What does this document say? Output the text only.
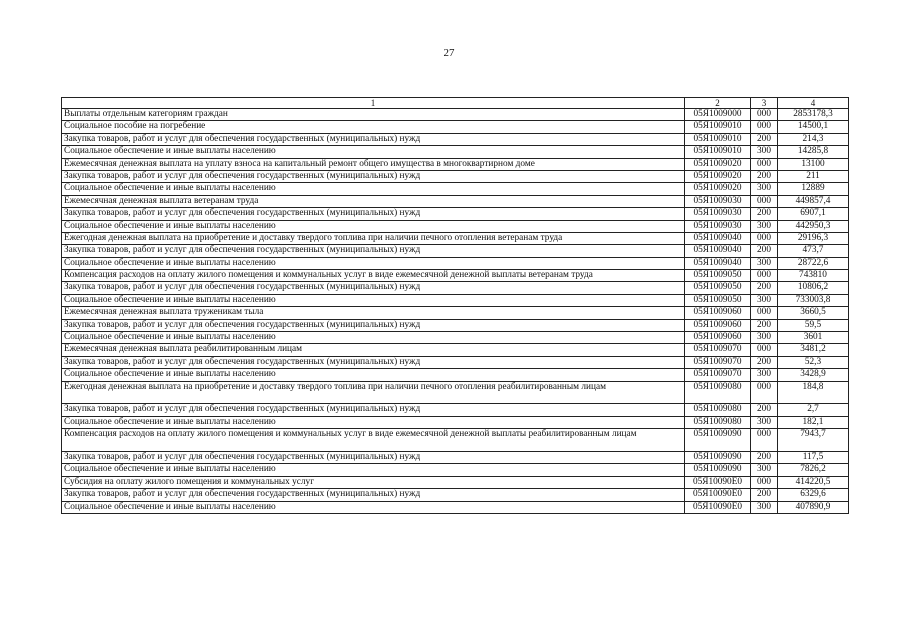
27
1	2	3	4
Выплаты отдельным категориям граждан	05Я1009000	000	2853178,3
Социальное пособие на погребение	05Я1009010	000	14500,1
Закупка товаров, работ и услуг для обеспечения государственных (муниципальных) нужд	05Я1009010	200	214,3
Социальное обеспечение и иные выплаты населению	05Я1009010	300	14285,8
Ежемесячная денежная выплата на уплату взноса на капитальный ремонт общего имущества в многоквартирном доме	05Я1009020	000	13100
Закупка товаров, работ и услуг для обеспечения государственных (муниципальных) нужд	05Я1009020	200	211
Социальное обеспечение и иные выплаты населению	05Я1009020	300	12889
Ежемесячная денежная выплата ветеранам труда	05Я1009030	000	449857,4
Закупка товаров, работ и услуг для обеспечения государственных (муниципальных) нужд	05Я1009030	200	6907,1
Социальное обеспечение и иные выплаты населению	05Я1009030	300	442950,3
Ежегодная денежная выплата на приобретение и доставку твердого топлива при наличии печного отопления ветеранам труда	05Я1009040	000	29196,3
Закупка товаров, работ и услуг для обеспечения государственных (муниципальных) нужд	05Я1009040	200	473,7
Социальное обеспечение и иные выплаты населению	05Я1009040	300	28722,6
Компенсация расходов на оплату жилого помещения и коммунальных услуг в виде ежемесячной денежной выплаты ветеранам труда	05Я1009050	000	743810
Закупка товаров, работ и услуг для обеспечения государственных (муниципальных) нужд	05Я1009050	200	10806,2
Социальное обеспечение и иные выплаты населению	05Я1009050	300	733003,8
Ежемесячная денежная выплата труженикам тыла	05Я1009060	000	3660,5
Закупка товаров, работ и услуг для обеспечения государственных (муниципальных) нужд	05Я1009060	200	59,5
Социальное обеспечение и иные выплаты населению	05Я1009060	300	3601
Ежемесячная денежная выплата реабилитированным лицам	05Я1009070	000	3481,2
Закупка товаров, работ и услуг для обеспечения государственных (муниципальных) нужд	05Я1009070	200	52,3
Социальное обеспечение и иные выплаты населению	05Я1009070	300	3428,9
Ежегодная денежная выплата на приобретение и доставку твердого топлива при наличии печного отопления реабилитированным лицам	05Я1009080	000	184,8
Закупка товаров, работ и услуг для обеспечения государственных (муниципальных) нужд	05Я1009080	200	2,7
Социальное обеспечение и иные выплаты населению	05Я1009080	300	182,1
Компенсация расходов на оплату жилого помещения и коммунальных услуг в виде ежемесячной денежной выплаты реабилитированным лицам	05Я1009090	000	7943,7
Закупка товаров, работ и услуг для обеспечения государственных (муниципальных) нужд	05Я1009090	200	117,5
Социальное обеспечение и иные выплаты населению	05Я1009090	300	7826,2
Субсидия на оплату жилого помещения и коммунальных услуг	05Я10090Е0	000	414220,5
Закупка товаров, работ и услуг для обеспечения государственных (муниципальных) нужд	05Я10090Е0	200	6329,6
Социальное обеспечение и иные выплаты населению	05Я10090Е0	300	407890,9
